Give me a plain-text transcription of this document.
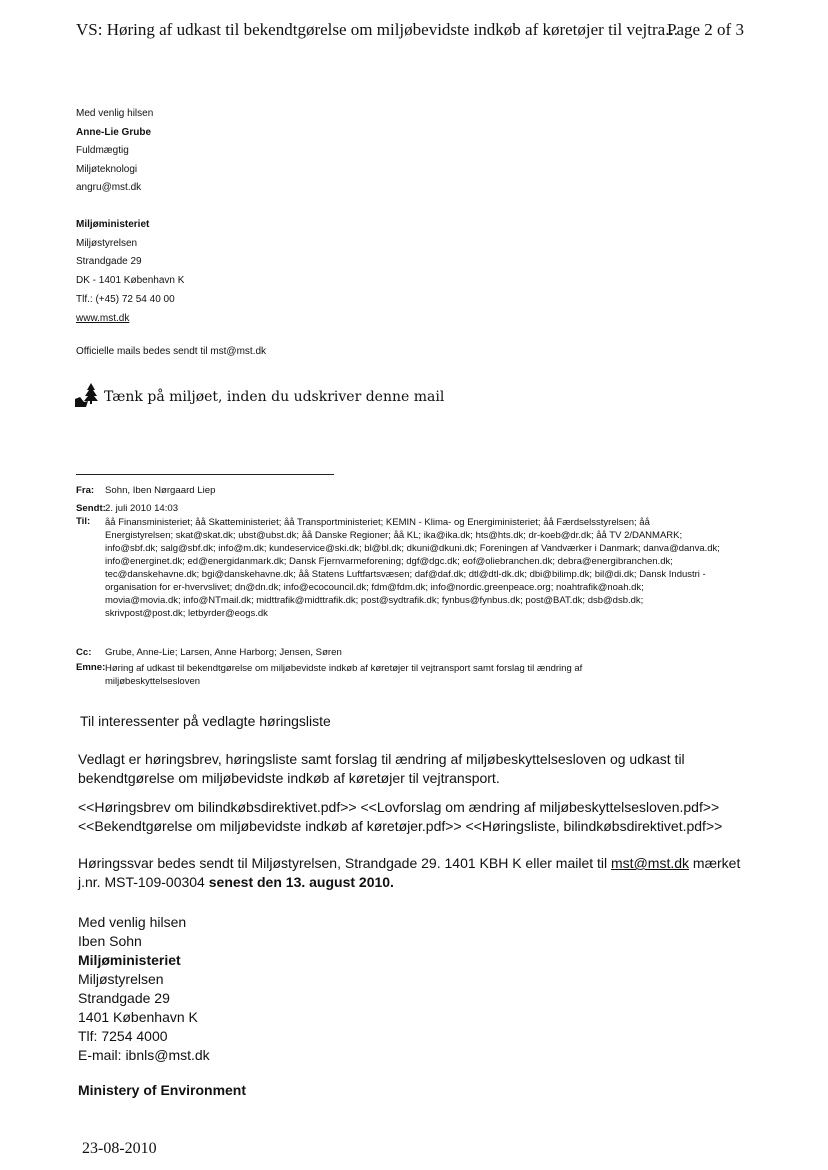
VS: Høring af udkast til bekendtgørelse om miljøbevidste indkøb af køretøjer til vejtra...
Page 2 of 3
Med venlig hilsen
Anne-Lie Grube
Fuldmægtig
Miljøteknologi
angru@mst.dk
Miljøministeriet
Miljøstyrelsen
Strandgade 29
DK - 1401 København K
Tlf.: (+45) 72 54 40 00
www.mst.dk
Officielle mails bedes sendt til mst@mst.dk
Tænk på miljøet, inden du udskriver denne mail
Fra: Sohn, Iben Nørgaard Liep
Sendt: 2. juli 2010 14:03
Til: åå Finansministeriet; åå Skatteministeriet; åå Transportministeriet; KEMIN - Klima- og Energiministeriet; åå Færdselsstyrelsen; åå
Energistyrelsen; skat@skat.dk; ubst@ubst.dk; åå Danske Regioner; åå KL; ika@ika.dk; hts@hts.dk; dr-koeb@dr.dk; åå TV 2/DANMARK;
info@sbf.dk; salg@sbf.dk; info@m.dk; kundeservice@ski.dk; bl@bl.dk; dkuni@dkuni.dk; Foreningen af Vandværker i Danmark; danva@danva.dk;
info@energinet.dk; ed@energidanmark.dk; Dansk Fjernvarmeforening; dgf@dgc.dk; eof@oliebranchen.dk; debra@energibranchen.dk;
tec@danskehavne.dk; bgi@danskehavne.dk; åå Statens Luftfartsvæsen; daf@daf.dk; dtl@dtl-dk.dk; dbi@bilimp.dk; bil@di.dk; Dansk Industri -
organisation for er-hvervslivet; dn@dn.dk; info@ecocouncil.dk; fdm@fdm.dk; info@nordic.greenpeace.org; noahtrafik@noah.dk;
movia@movia.dk; info@NTmail.dk; midttrafik@midttrafik.dk; post@sydtrafik.dk; fynbus@fynbus.dk; post@BAT.dk; dsb@dsb.dk;
skrivpost@post.dk; letbyrder@eogs.dk
Cc: Grube, Anne-Lie; Larsen, Anne Harborg; Jensen, Søren
Emne: Høring af udkast til bekendtgørelse om miljøbevidste indkøb af køretøjer til vejtransport samt forslag til ændring af
miljøbeskyttelsesloven
Til interessenter på vedlagte høringsliste
Vedlagt er høringsbrev, høringsliste samt forslag til ændring af miljøbeskyttelsesloven og udkast til
bekendtgørelse om miljøbevidste indkøb af køretøjer til vejtransport.
<<Høringsbrev om bilindkøbsdirektivet.pdf>> <<Lovforslag om ændring af miljøbeskyttelsesloven.pdf>>
<<Bekendtgørelse om miljøbevidste indkøb af køretøjer.pdf>> <<Høringsliste, bilindkøbsdirektivet.pdf>>
Høringssvar bedes sendt til Miljøstyrelsen, Strandgade 29. 1401 KBH K eller mailet til mst@mst.dk mærket
j.nr. MST-109-00304 senest den 13. august 2010.
Med venlig hilsen
Iben Sohn
Miljøministeriet
Miljøstyrelsen
Strandgade 29
1401 København K
Tlf: 7254 4000
E-mail: ibnls@mst.dk
Ministery of Environment
23-08-2010
